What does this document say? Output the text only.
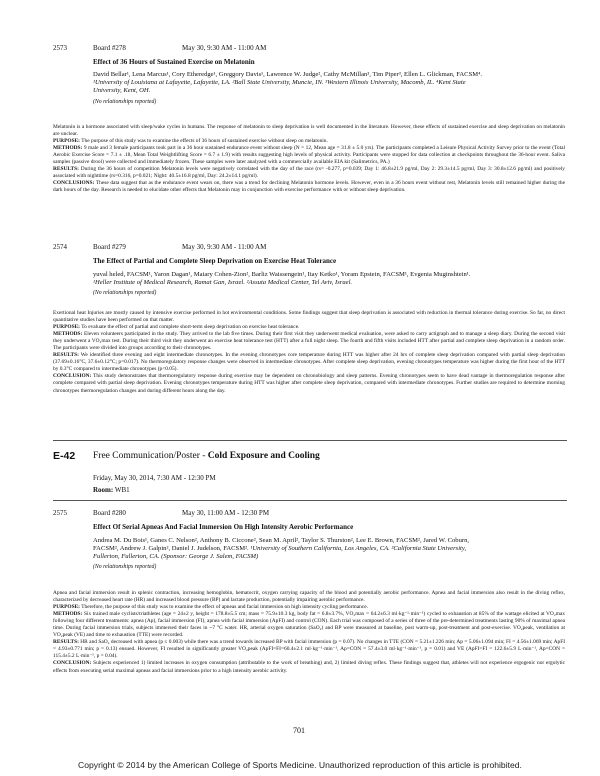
2573	Board #278	May 30, 9:30 AM - 11:00 AM
Effect of 36 Hours of Sustained Exercise on Melatonin
David Bellar¹, Lena Marcus¹, Cory Etheredge¹, Greggory Davis¹, Lawrence W. Judge², Cathy McMillan³, Tim Piper³, Ellen L. Glickman, FACSM⁴.
¹University of Louisiana at Lafayette, Lafayette, LA. ²Ball State University, Muncie, IN. ³Western Illinois University, Macomb, IL. ⁴Kent State
University, Kent, OH.
(No relationships reported)

Melatonin is a hormone associated with sleep/wake cycles in humans. The response of melatonin to sleep deprivation is well documented in the literature. However, these effects of sustained exercise and sleep deprivation on melatonin are unclear.

PURPOSE: The purpose of this study was to examine the effects of 36 hours of sustained exercise without sleep on melatonin.

METHODS: 9 male and 3 female participants took part in a 36 hour sustained endurance event without sleep (N = 12, Mean age = 31.8 ± 5.0 yrs). The participants completed a Leisure Physical Activity Survey prior to the event (Total Aerobic Exercise Score = 7.1 ± .18, Mean Total Weightlifting Score = 6.7 ± 1.9) with results suggesting high levels of physical activity. Participants were stopped for data collection at checkpoints throughout the 36-hour event. Saliva samples (passive drool) were collected and immediately frozen. These samples were later analyzed with a commercially available EIA kit (Salimetrics, PA.)

RESULTS: During the 36 hours of competition Melatonin levels were negatively correlated with the day of the race (rs= -0.277, p=0.039; Day 1: 46.8±21.9 pg/ml, Day 2: 29.3±14.5 pg/ml, Day 3: 30.8±12.6 pg/ml) and positively associated with nighttime (rs=0.316, p=0.021; Night: 40.5±16.8 pg/ml, Day: 24.2±14.1 pg/ml).

CONCLUSIONS: These data suggest that as the endurance event wears on, there was a trend for declining Melatonin hormone levels. However, even in a 36 hours event without rest, Melatonin levels still remained higher during the dark hours of the day. Research is needed to elucidate other effects that Melatonin may in conjunction with exercise performance with or without sleep deprivation.

2574	Board #279	May 30, 9:30 AM - 11:00 AM
The Effect of Partial and Complete Sleep Deprivation on Exercise Heat Tolerance
yuval heled, FACSM¹, Yaron Dagan¹, Maiary Cohen-Zion², Barliz Waissengein¹, Itay Ketko¹, Yoram Epstein, FACSM¹, Evgenia Muginshtein¹.
¹Heller Institute of Medical Research, Ramat Gan, Israel. ²Assuta Medical Center, Tel Aviv, Israel.
(No relationships reported)

Exertional heat Injuries are mostly caused by intensive exercise performed in hot environmental conditions. Some findings suggest that sleep deprivation is associated with reduction in thermal tolerance during exercise. So far, no direct quantitative studies have been performed on that matter.

PURPOSE: To evaluate the effect of partial and complete short-term sleep deprivation on exercise heat tolerance.

METHODS: Eleven volunteers participated in the study. They arrived to the lab five times. During their first visit they underwent medical evaluation, were asked to carry actigraph and to manage a sleep diary. During the second visit they underwent a VO₂max test. During their third visit they underwent an exercise heat tolerance test (HTT) after a full night sleep. The fourth and fifth visits included HTT after partial and complete sleep deprivation in a random order. The participants were divided into groups according to their chronotypes.

RESULTS: We identified three evening and eight intermediate chronotypes. In the evening chronotypes core temperature during HTT was higher after 24 hrs of complete sleep deprivation compared with partial sleep deprivation (37.69±0.16°C, 37.6±0.12°C; p=0.017). No thermoregulatory response changes were observed in intermediate chronotypes. After complete sleep deprivation, evening chronotypes temperature was higher during the first hour of the HTT by 0.3°C compared to intermediate chronotypes (p<0.05).

CONCLUSION: This study demonstrates that thermoregulatory response during exercise may be dependent on chronobiology and sleep patterns. Evening chronotypes seem to have dead vantage in thermoregulation response after complete compared with partial sleep deprivation. Evening chronotypes temperature during HTT was higher after complete sleep deprivation, compared with intermediate chronotypes. Further studies are required to determine morning chronotypes thermoregulation changes and during different hours along the day.

E-42 Free Communication/Poster - Cold Exposure and Cooling
Friday, May 30, 2014, 7:30 AM - 12:30 PM
Room: WB1
2575	Board #280	May 30, 11:00 AM - 12:30 PM
Effect Of Serial Apneas And Facial Immersion On High Intensity Aerobic Performance
Andrea M. Du Bois¹, Ganes C. Nelson², Anthony B. Ciccone², Sean M. April², Taylor S. Thurston², Lee E. Brown, FACSM², Jared W. Coburn,
FACSM², Andrew J. Galpin², Daniel J. Judelson, FACSM². ¹University of Southern California, Los Angeles, CA. ²California State University,
Fullerton, Fullerton, CA. (Sponsor: George J. Salem, FACSM)
(No relationships reported)

Apnea and facial immersion result in splenic contraction, increasing hemoglobin, hematocrit, oxygen carrying capacity of the blood and potentially aerobic performance. Apnea and facial immersion also result in the diving reflex, characterized by decreased heart rate (HR) and increased blood pressure (BP) and lactate production, potentially impairing aerobic performance.

PURPOSE: Therefore, the purpose of this study was to examine the effect of apneas and facial immersion on high intensity cycling performance.

METHODS: Six trained male cyclists/triathletes (age = 24±2 y, height = 178.8±5.5 cm; mass = 75.9±10.3 kg, body fat = 6.8±3.7%, VO₂max = 64.2±6.3 ml·kg⁻¹·min⁻¹) cycled to exhaustion at 85% of the wattage elicited at VO₂max following four different treatments: apnea (Ap), facial immersion (FI), apnea with facial immersion (ApFI) and control (CON). Each trial was composed of a series of three of the pre-determined treatments lasting 90% of maximal apnea time. During facial immersion trials, subjects immersed their faces in ~7 °C water. HR, arterial oxygen saturation (SaO₂) and BP were measured at baseline, post warm-up, post-treatment and post-exercise. VO₂peak, ventilation at VO₂peak (VE) and time to exhaustion (TTE) were recorded.

RESULTS: HR and SaO₂ decreased with apnea (p ≤ 0.003) while there was a trend towards increased BP with facial immersion (p = 0.07). No changes in TTE (CON = 5.21±1.226 min; Ap = 5.06±1.094 min; FI = 4.56±1.069 min; ApFI = 4.93±0.771 min; p = 0.13) ensued. However, FI resulted in significantly greater VO₂peak (ApFI=FI=60.4±2.1 ml·kg⁻¹·min⁻¹, Ap=CON = 57.4±3.0 ml·kg⁻¹·min⁻¹, p = 0.01) and VE (ApFI=FI = 122.6±5.9 L·min⁻¹, Ap=CON = 115.4±5.2 L·min⁻¹, p = 0.04).

CONCLUSION: Subjects experienced 1) limited increases in oxygen consumption (attributable to the work of breathing) and, 2) limited diving reflex. These findings suggest that, athletes will not experience ergogenic nor ergolytic effects from executing serial maximal apneas and facial immersions prior to a high intensity aerobic activity.

701
Copyright © 2014 by the American College of Sports Medicine. Unauthorized reproduction of this article is prohibited.
